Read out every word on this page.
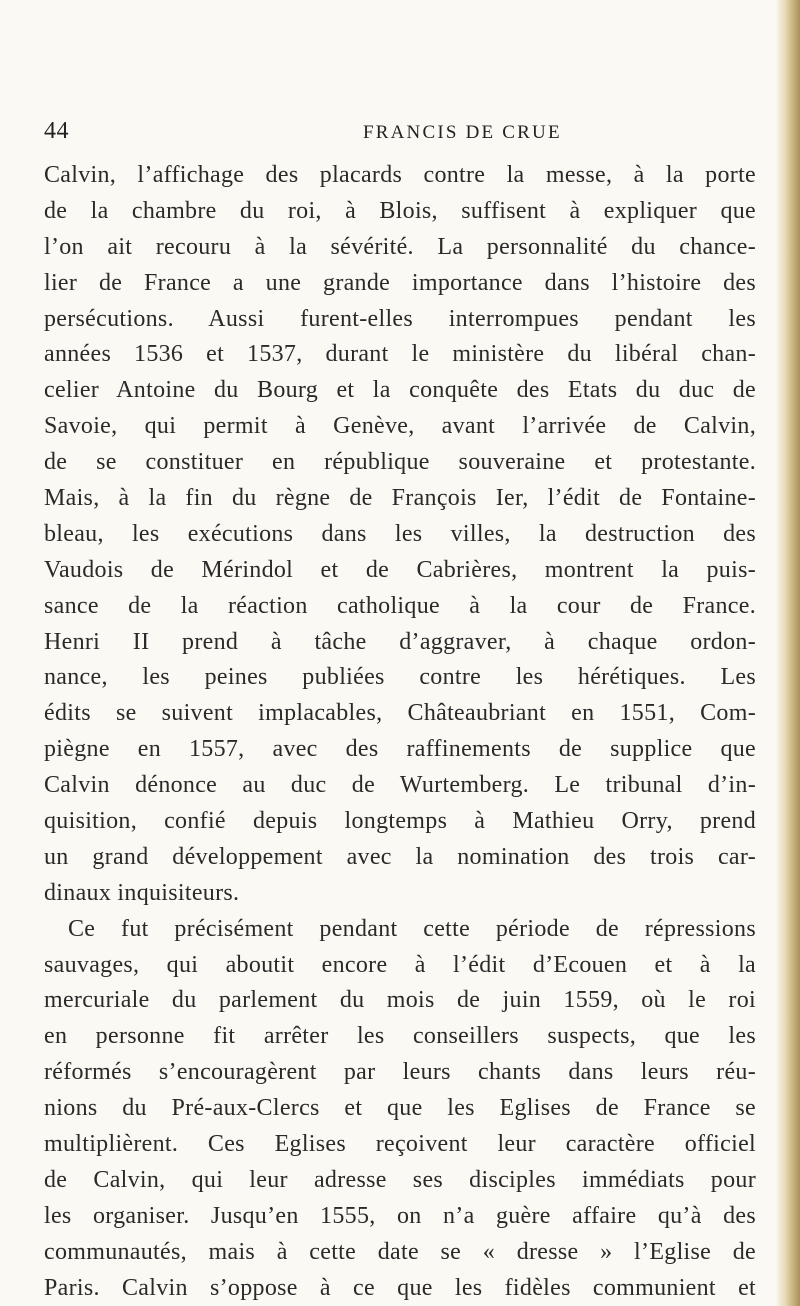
44	FRANCIS DE CRUE
Calvin, l’affichage des placards contre la messe, à la porte
de la chambre du roi, à Blois, suffisent à expliquer que
l’on ait recouru à la sévérité. La personnalité du chance-
lier de France a une grande importance dans l’histoire des
persécutions. Aussi furent-elles interrompues pendant les
années 1536 et 1537, durant le ministère du libéral chan-
celier Antoine du Bourg et la conquête des Etats du duc de
Savoie, qui permit à Genève, avant l’arrivée de Calvin,
de se constituer en république souveraine et protestante.
Mais, à la fin du règne de François Ier, l’édit de Fontaine-
bleau, les exécutions dans les villes, la destruction des
Vaudois de Mérindol et de Cabrières, montrent la puis-
sance de la réaction catholique à la cour de France.
Henri II prend à tâche d’aggraver, à chaque ordon-
nance, les peines publiées contre les hérétiques. Les
édits se suivent implacables, Châteaubriant en 1551, Com-
piègne en 1557, avec des raffinements de supplice que
Calvin dénonce au duc de Wurtemberg. Le tribunal d’in-
quisition, confié depuis longtemps à Mathieu Orry, prend
un grand développement avec la nomination des trois car-
dinaux inquisiteurs.
Ce fut précisément pendant cette période de répressions
sauvages, qui aboutit encore à l’édit d’Ecouen et à la
mercuriale du parlement du mois de juin 1559, où le roi
en personne fit arrêter les conseillers suspects, que les
réformés s’encouragèrent par leurs chants dans leurs réu-
nions du Pré-aux-Clercs et que les Eglises de France se
multiplièrent. Ces Eglises reçoivent leur caractère officiel
de Calvin, qui leur adresse ses disciples immédiats pour
les organiser. Jusqu’en 1555, on n’a guère affaire qu’à des
communautés, mais à cette date se « dresse » l’Eglise de
Paris. Calvin s’oppose à ce que les fidèles communient et
